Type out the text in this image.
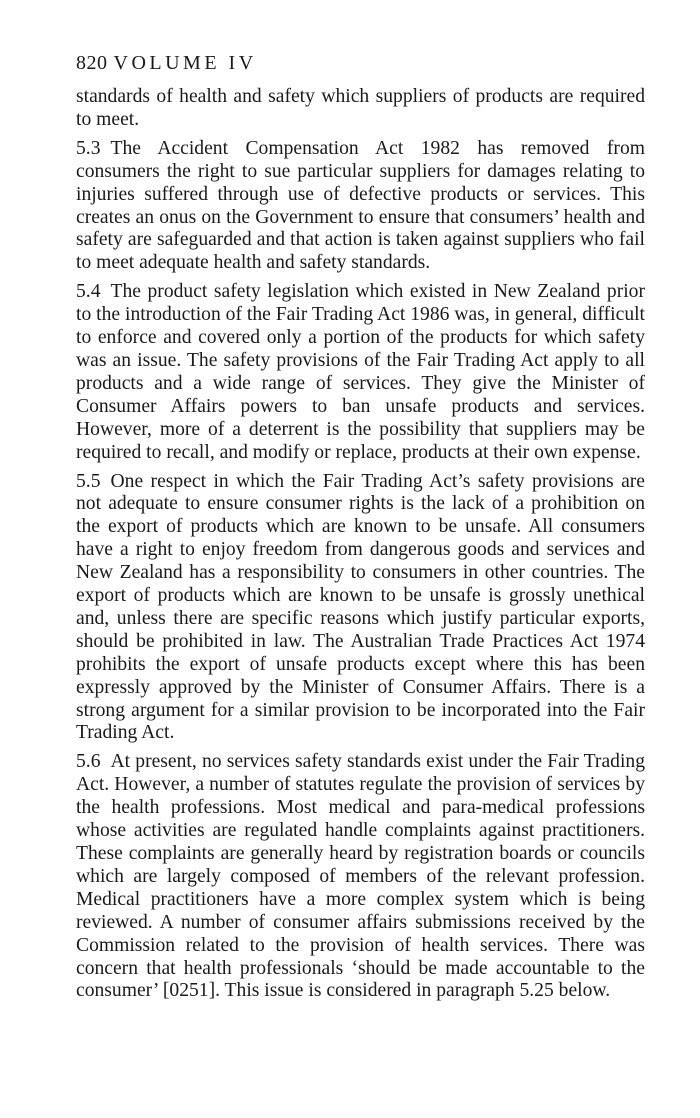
820 VOLUME IV

standards of health and safety which suppliers of products are required to meet.

5.3 The Accident Compensation Act 1982 has removed from consumers the right to sue particular suppliers for damages relating to injuries suffered through use of defective products or services. This creates an onus on the Government to ensure that consumers’ health and safety are safeguarded and that action is taken against suppliers who fail to meet adequate health and safety standards.

5.4 The product safety legislation which existed in New Zealand prior to the introduction of the Fair Trading Act 1986 was, in general, difficult to enforce and covered only a portion of the products for which safety was an issue. The safety provisions of the Fair Trading Act apply to all products and a wide range of services. They give the Minister of Consumer Affairs powers to ban unsafe products and services. However, more of a deterrent is the possibility that suppliers may be required to recall, and modify or replace, products at their own expense.

5.5 One respect in which the Fair Trading Act’s safety provisions are not adequate to ensure consumer rights is the lack of a prohibition on the export of products which are known to be unsafe. All consumers have a right to enjoy freedom from dangerous goods and services and New Zealand has a responsibility to consumers in other countries. The export of products which are known to be unsafe is grossly unethical and, unless there are specific reasons which justify particular exports, should be prohibited in law. The Australian Trade Practices Act 1974 prohibits the export of unsafe products except where this has been expressly approved by the Minister of Consumer Affairs. There is a strong argument for a similar provision to be incorporated into the Fair Trading Act.

5.6 At present, no services safety standards exist under the Fair Trading Act. However, a number of statutes regulate the provision of services by the health professions. Most medical and para-medical professions whose activities are regulated handle complaints against practitioners. These complaints are generally heard by registration boards or councils which are largely composed of members of the relevant profession. Medical practitioners have a more complex system which is being reviewed. A number of consumer affairs submissions received by the Commission related to the provision of health services. There was concern that health professionals ‘should be made accountable to the consumer’ [0251]. This issue is considered in paragraph 5.25 below.
